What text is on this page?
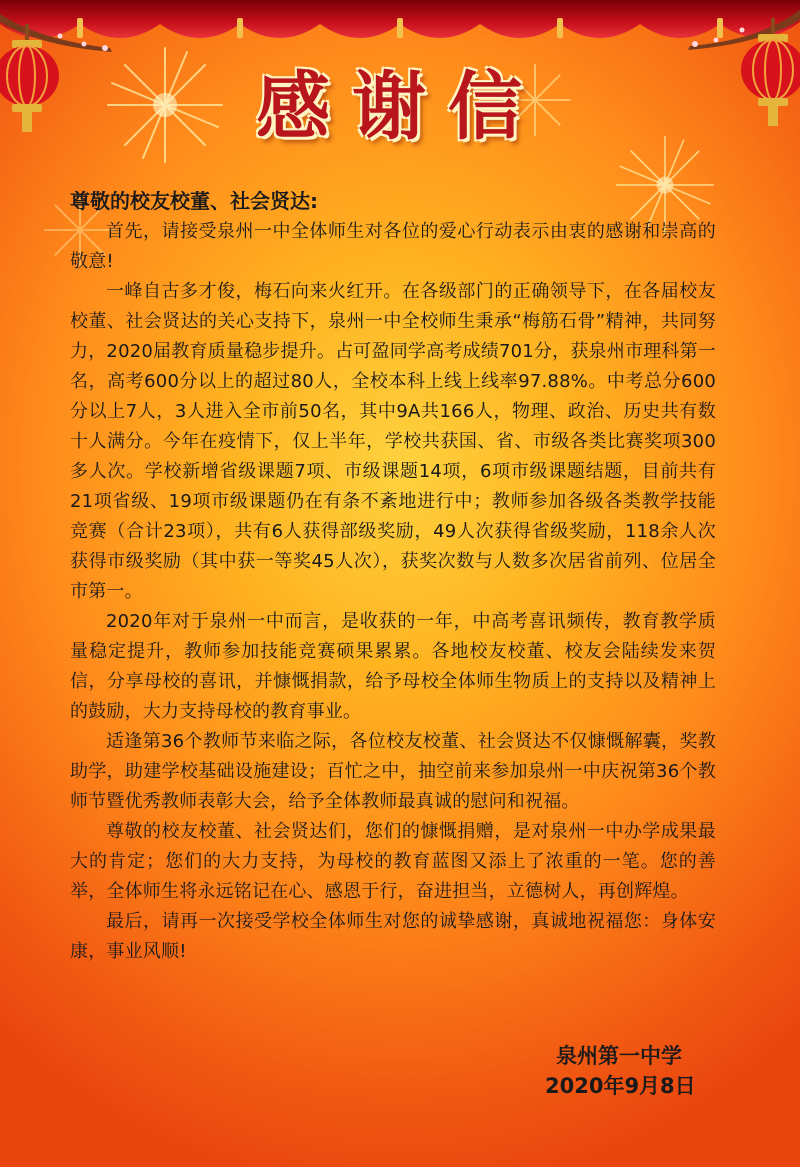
感谢信
尊敬的校友校董、社会贤达:

首先，请接受泉州一中全体师生对各位的爱心行动表示由衷的感谢和崇高的敬意!

一峰自古多才俊，梅石向来火红开。在各级部门的正确领导下，在各届校友校董、社会贤达的关心支持下，泉州一中全校师生秉承“梅筋石骨”精神，共同努力，2020届教育质量稳步提升。占可盈同学高考成绩701分，获泉州市理科第一名，高考600分以上的超过80人，全校本科上线上线率97.88%。中考总分600分以上7人，3人进入全市前50名，其中9A共166人，物理、政治、历史共有数十人满分。今年在疫情下，仅上半年，学校共获国、省、市级各类比赛奖项300多人次。学校新增省级课题7项、市级课题14项，6项市级课题结题，目前共有21项省级、19项市级课题仍在有条不紊地进行中；教师参加各级各类教学技能竞赛（合计23项），共有6人获得部级奖励，49人次获得省级奖励，118余人次获得市级奖励（其中获一等奖45人次），获奖次数与人数多次居省前列、位居全市第一。

2020年对于泉州一中而言，是收获的一年，中高考喜讯频传，教育教学质量稳定提升，教师参加技能竞赛硕果累累。各地校友校董、校友会陆续发来贺信，分享母校的喜讯，并慷慨捐款，给予母校全体师生物质上的支持以及精神上的鼓励，大力支持母校的教育事业。

适逢第36个教师节来临之际，各位校友校董、社会贤达不仅慷慨解囊，奖教助学，助建学校基础设施建设；百忙之中，抽空前来参加泉州一中庆祝第36个教师节暨优秀教师表彰大会，给予全体教师最真诚的慰问和祝福。

尊敬的校友校董、社会贤达们，您们的慷慨捐赠，是对泉州一中办学成果最大的肯定；您们的大力支持，为母校的教育蓝图又添上了浓重的一笔。您的善举，全体师生将永远铭记在心、感恩于行，奋进担当，立德树人，再创辉煌。

最后，请再一次接受学校全体师生对您的诚挚感谢，真诚地祝福您：身体安康，事业风顺!

泉州第一中学
2020年9月8日
